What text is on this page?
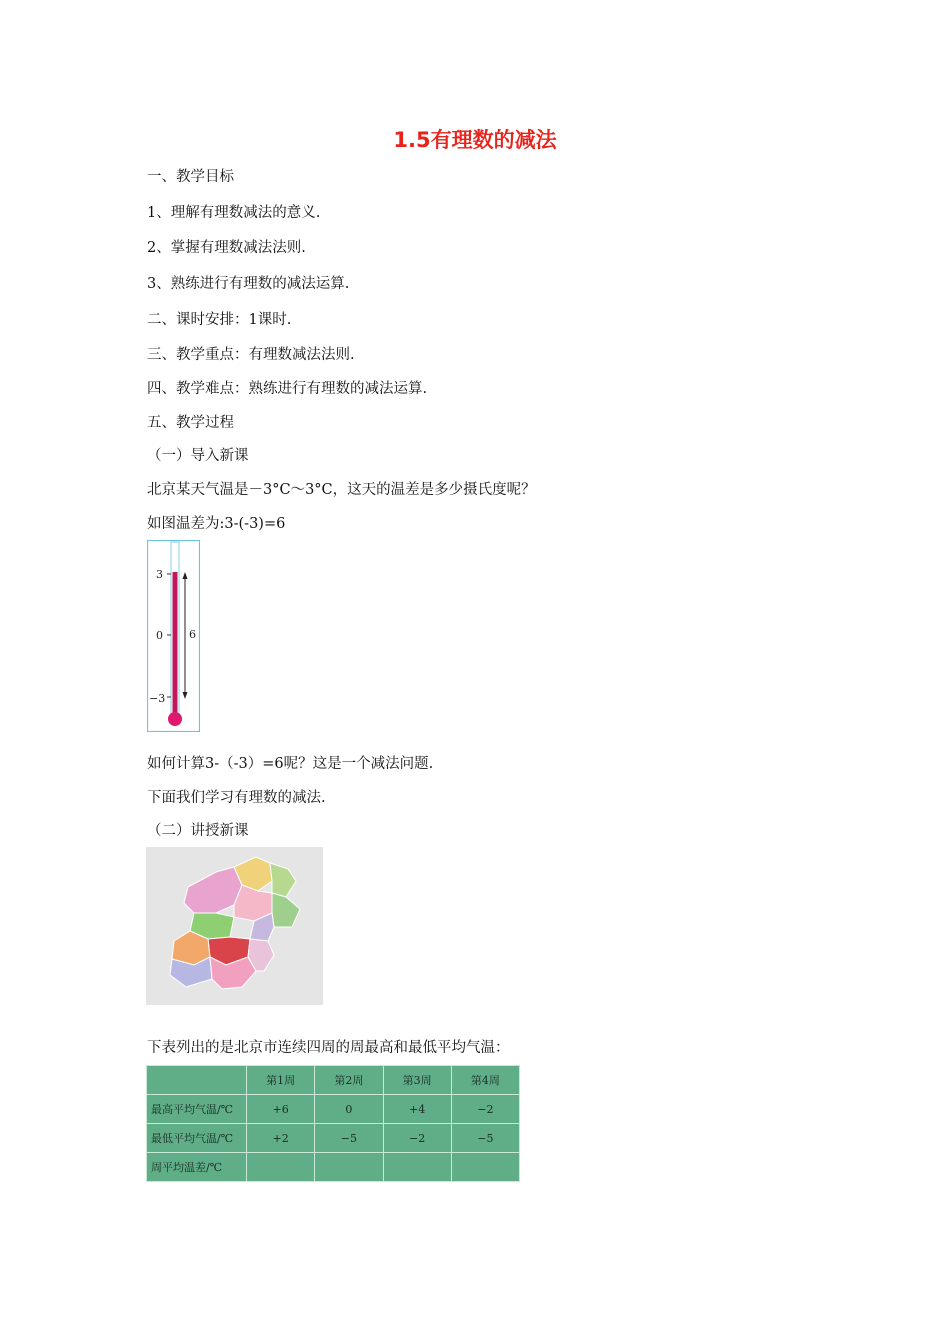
1.5有理数的减法
一、教学目标
1、理解有理数减法的意义.
2、掌握有理数减法法则.
3、熟练进行有理数的减法运算.
二、课时安排：1课时.
三、教学重点：有理数减法法则.
四、教学难点：熟练进行有理数的减法运算.
五、教学过程
（一）导入新课
北京某天气温是－3°C～3°C，这天的温差是多少摄氏度呢？
如图温差为:3-(-3)=6
3
0
−3
6
如何计算3-（-3）=6呢？这是一个减法问题.
下面我们学习有理数的减法.
（二）讲授新课
下表列出的是北京市连续四周的周最高和最低平均气温：
	第1周	第2周	第3周	第4周
最高平均气温/℃	+6	0	+4	−2
最低平均气温/℃	+2	−5	−2	−5
周平均温差/℃				
